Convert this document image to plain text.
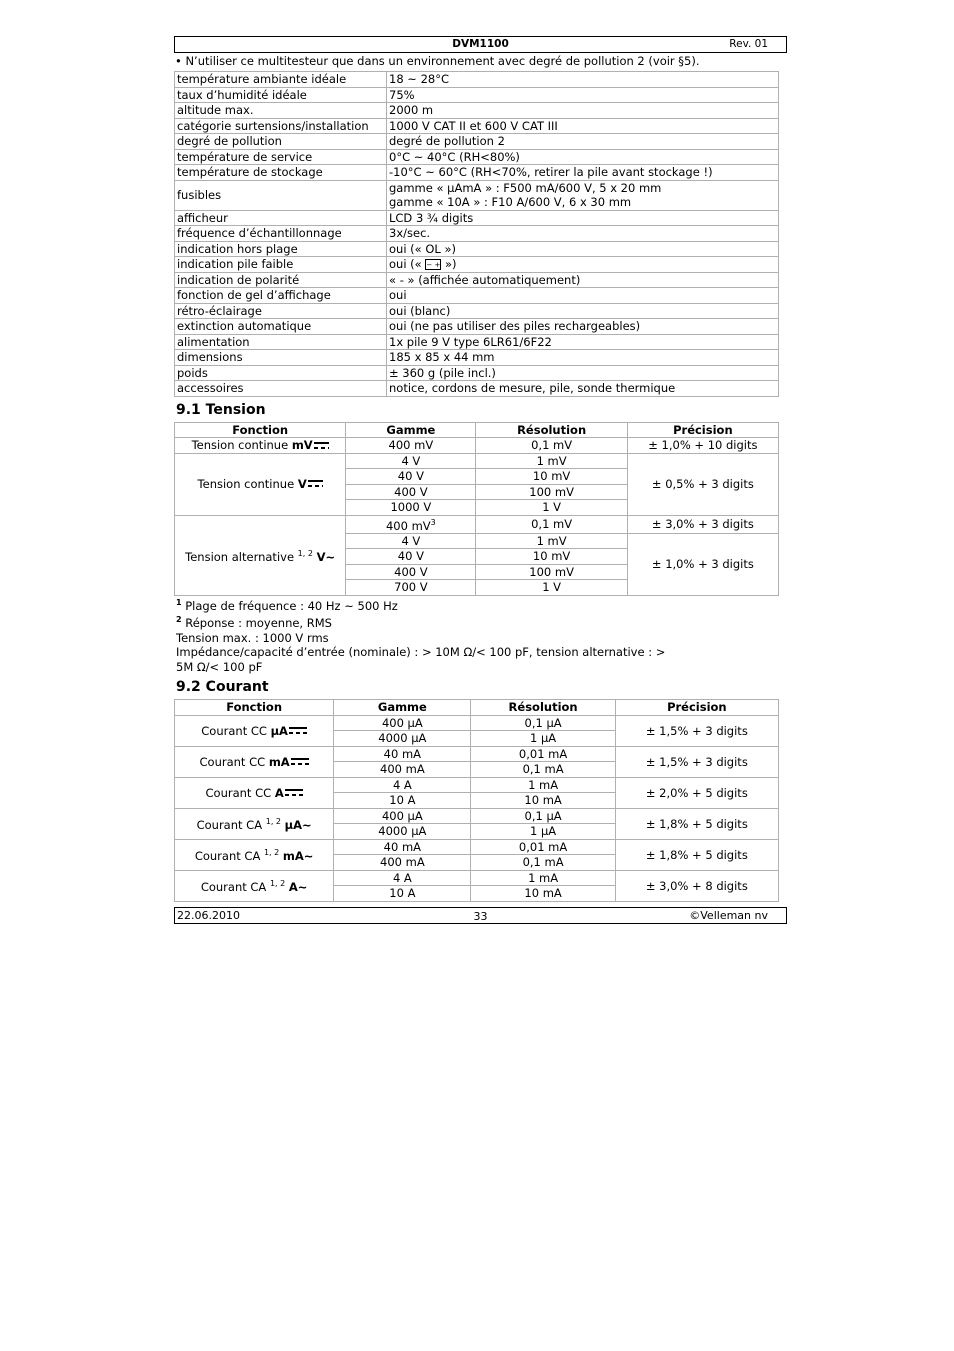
DVM1100	Rev. 01
• N’utiliser ce multitesteur que dans un environnement avec degré de pollution 2 (voir §5).
température ambiante idéale	18 ~ 28°C

taux d’humidité idéale	75%

altitude max.	2000 m

catégorie surtensions/installation	1000 V CAT II et 600 V CAT III

degré de pollution	degré de pollution 2

température de service	0°C ~ 40°C (RH<80%)

température de stockage	-10°C ~ 60°C (RH<70%, retirer la pile avant stockage !)

fusibles	gamme « µAmA » : F500 mA/600 V, 5 x 20 mm
gamme « 10A » : F10 A/600 V, 6 x 30 mm

afficheur	LCD 3 ¾ digits

fréquence d’échantillonnage	3x/sec.

indication hors plage	oui (« OL »)

indication pile faible	oui (« − + »)
indication de polarité	« - » (affichée automatiquement)

fonction de gel d’affichage	oui

rétro-éclairage	oui (blanc)

extinction automatique	oui (ne pas utiliser des piles rechargeables)

alimentation	1x pile 9 V type 6LR61/6F22

dimensions	185 x 85 x 44 mm

poids	± 360 g (pile incl.)

accessoires	notice, cordons de mesure, pile, sonde thermique
9.1 Tension
Fonction	Gamme	Résolution	Précision
Tension continue mV	400 mV	0,1 mV	± 1,0% + 10 digits
Tension continue V	4 V	1 mV	± 0,5% + 3 digits
	40 V	10 mV	
	400 V	100 mV	
	1000 V	1 V	
Tension alternative $^{1, 2}$ V~	400 $mV^3$	0,1 mV	± 3,0% + 3 digits
	4 V	1 mV	± 1,0% + 3 digits
	40 V	10 mV	
	400 V	100 mV	
	700 V	1 V	
$^1$ Plage de fréquence : 40 Hz ~ 500 Hz
$^2$ Réponse : moyenne, RMS
Tension max. : 1000 V rms
Impédance/capacité d’entrée (nominale) : > 10M Ω/< 100 pF, tension alternative : >
5M Ω/< 100 pF
9.2 Courant
Fonction	Gamme	Résolution	Précision
Courant CC µA	400 µA	0,1 µA	± 1,5% + 3 digits
	4000 µA	1 µA	
Courant CC mA	40 mA	0,01 mA	± 1,5% + 3 digits
	400 mA	0,1 mA	
Courant CC A	4 A	1 mA	± 2,0% + 5 digits
	10 A	10 mA	
Courant CA $^{1, 2}$ µA~	400 µA	0,1 µA	± 1,8% + 5 digits
	4000 µA	1 µA	
Courant CA $^{1, 2}$ mA~	40 mA	0,01 mA	± 1,8% + 5 digits
	400 mA	0,1 mA	
Courant CA $^{1, 2}$ A~	4 A	1 mA	± 3,0% + 8 digits
	10 A	10 mA	
22.06.2010	33	©Velleman nv
